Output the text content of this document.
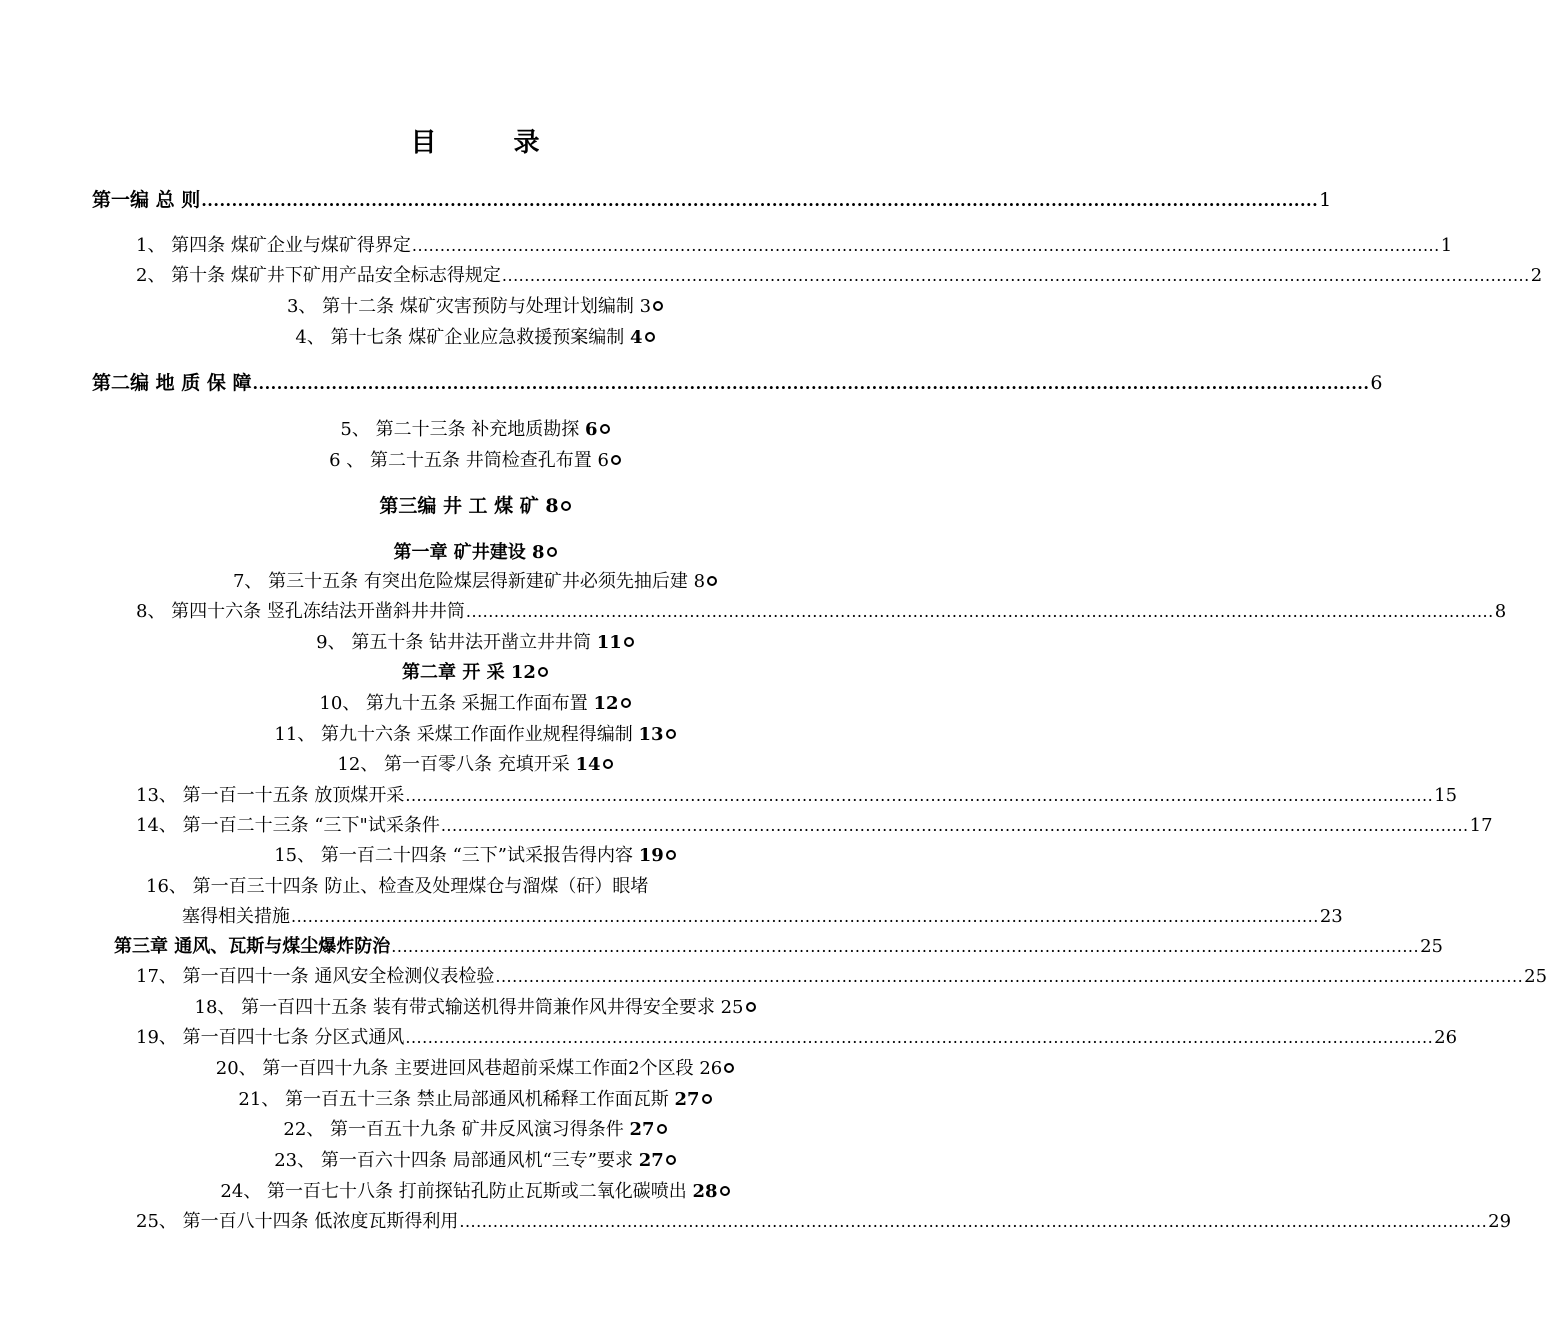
目 录
第一编 总 则 ........................................................................................................................................................................................ 1
1、 第四条 煤矿企业与煤矿得界定 ........................................................................................................................................................................................ 1
2、 第十条 煤矿井下矿用产品安全标志得规定 ........................................................................................................................................................................................ 2
3、 第十二条 煤矿灾害预防与处理计划编制 3
4、 第十七条 煤矿企业应急救援预案编制 4
第二编 地 质 保 障 ........................................................................................................................................................................................ 6
5、 第二十三条 补充地质勘探 6
6 、 第二十五条 井筒检查孔布置 6
第三编 井 工 煤 矿 8
第一章 矿井建设 8
7、 第三十五条 有突出危险煤层得新建矿井必须先抽后建 8
8、 第四十六条 竖孔冻结法开凿斜井井筒 ........................................................................................................................................................................................ 8
9、 第五十条 钻井法开凿立井井筒 11
第二章 开 采 12
10、 第九十五条 采掘工作面布置 12
11、 第九十六条 采煤工作面作业规程得编制 13
12、 第一百零八条 充填开采 14
13、 第一百一十五条 放顶煤开采 ........................................................................................................................................................................................ 15
14、 第一百二十三条 “三下"试采条件 ........................................................................................................................................................................................ 17
15、 第一百二十四条 “三下”试采报告得内容 19
16、 第一百三十四条 防止、检查及处理煤仓与溜煤（矸）眼堵
塞得相关措施 ........................................................................................................................................................................................ 23
第三章 通风、瓦斯与煤尘爆炸防治 ........................................................................................................................................................................................ 25
17、 第一百四十一条 通风安全检测仪表检验 ........................................................................................................................................................................................ 25
18、 第一百四十五条 装有带式输送机得井筒兼作风井得安全要求 25
19、 第一百四十七条 分区式通风 ........................................................................................................................................................................................ 26
20、 第一百四十九条 主要进回风巷超前采煤工作面2个区段 26
21、 第一百五十三条 禁止局部通风机稀释工作面瓦斯 27
22、 第一百五十九条 矿井反风演习得条件 27
23、 第一百六十四条 局部通风机“三专”要求 27
24、 第一百七十八条 打前探钻孔防止瓦斯或二氧化碳喷出 28
25、 第一百八十四条 低浓度瓦斯得利用 ........................................................................................................................................................................................ 29
